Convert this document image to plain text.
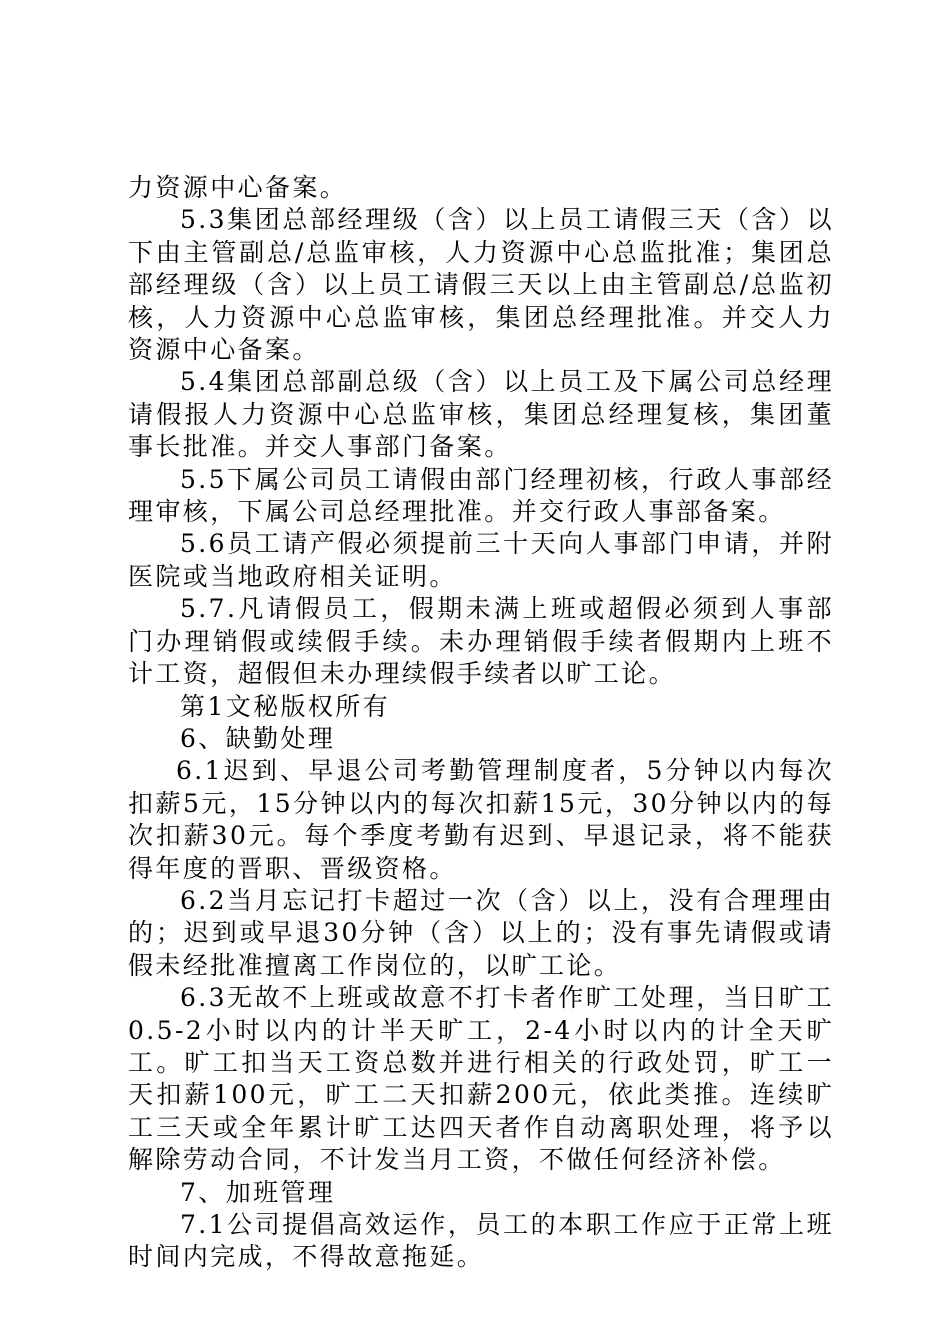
力资源中心备案。

5.3集团总部经理级（含）以上员工请假三天（含）以下由主管副总/总监审核，人力资源中心总监批准；集团总部经理级（含）以上员工请假三天以上由主管副总/总监初核，人力资源中心总监审核，集团总经理批准。并交人力资源中心备案。

5.4集团总部副总级（含）以上员工及下属公司总经理请假报人力资源中心总监审核，集团总经理复核，集团董事长批准。并交人事部门备案。

5.5下属公司员工请假由部门经理初核，行政人事部经理审核，下属公司总经理批准。并交行政人事部备案。

5.6员工请产假必须提前三十天向人事部门申请，并附医院或当地政府相关证明。

5.7.凡请假员工，假期未满上班或超假必须到人事部门办理销假或续假手续。未办理销假手续者假期内上班不计工资，超假但未办理续假手续者以旷工论。

第1文秘版权所有

6、缺勤处理

6.1迟到、早退公司考勤管理制度者，5分钟以内每次扣薪5元，15分钟以内的每次扣薪15元，30分钟以内的每次扣薪30元。每个季度考勤有迟到、早退记录，将不能获得年度的晋职、晋级资格。

6.2当月忘记打卡超过一次（含）以上，没有合理理由的；迟到或早退30分钟（含）以上的；没有事先请假或请假未经批准擅离工作岗位的，以旷工论。

6.3无故不上班或故意不打卡者作旷工处理，当日旷工0.5-2小时以内的计半天旷工，2-4小时以内的计全天旷工。旷工扣当天工资总数并进行相关的行政处罚，旷工一天扣薪100元，旷工二天扣薪200元，依此类推。连续旷工三天或全年累计旷工达四天者作自动离职处理，将予以解除劳动合同，不计发当月工资，不做任何经济补偿。

7、加班管理

7.1公司提倡高效运作，员工的本职工作应于正常上班时间内完成，不得故意拖延。
